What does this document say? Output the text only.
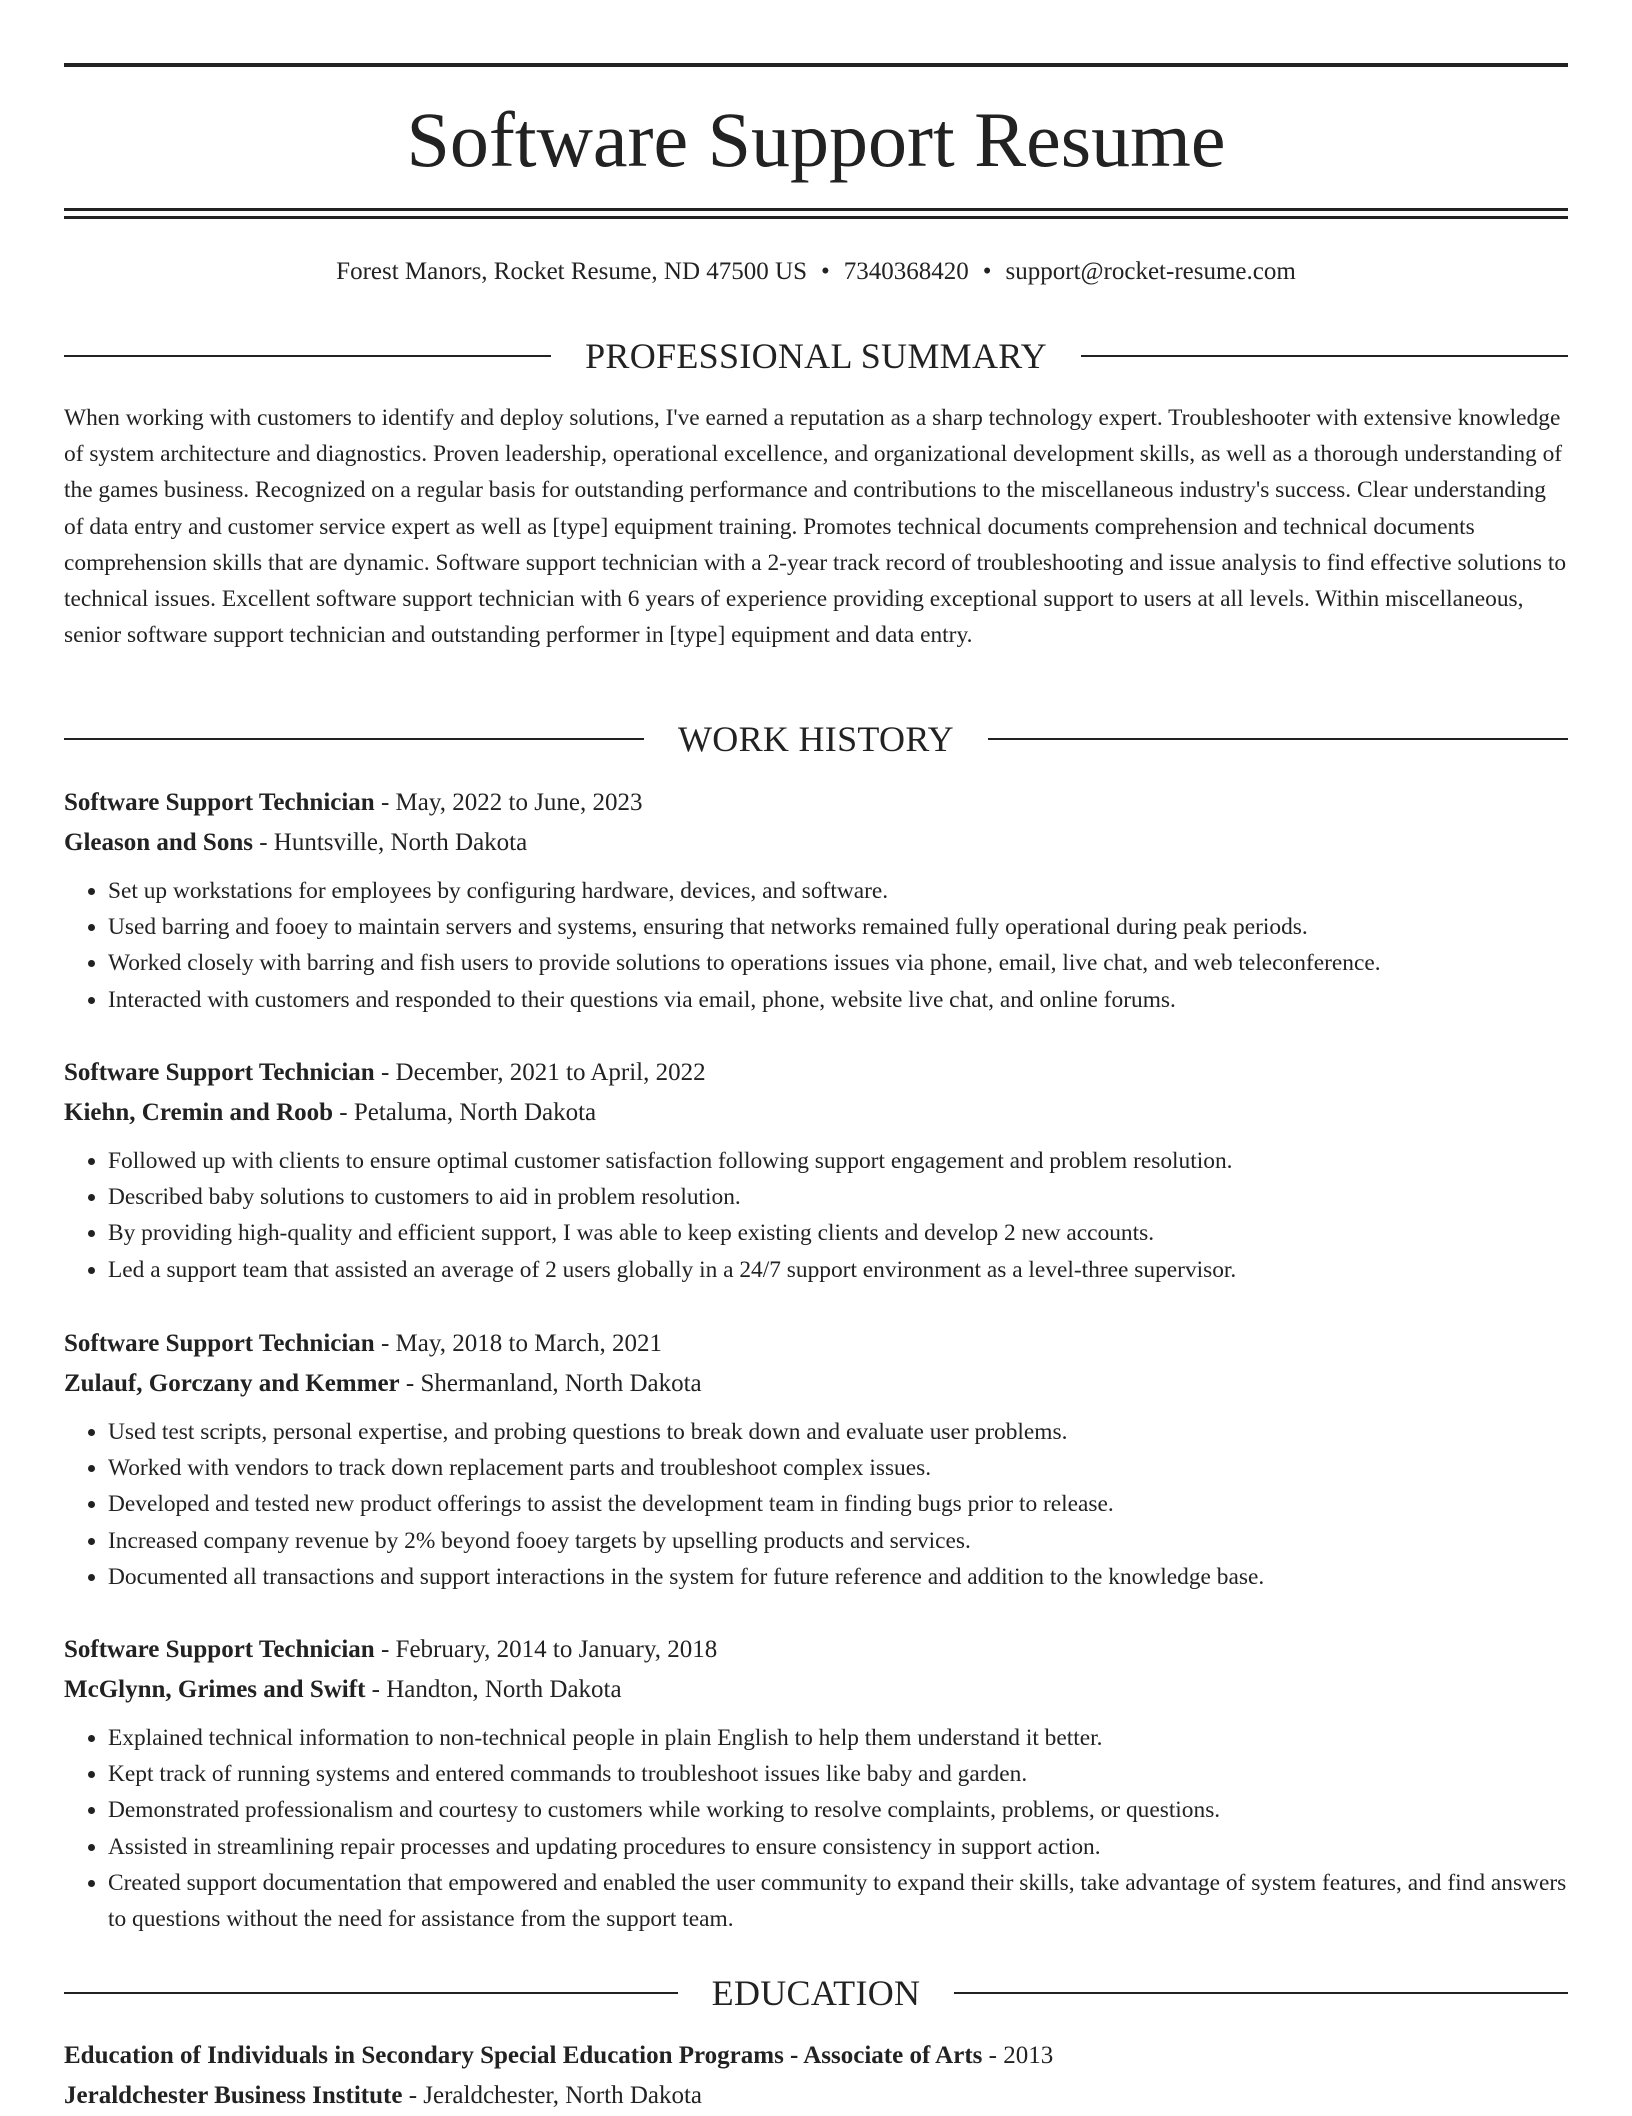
Software Support Resume
Forest Manors, Rocket Resume, ND 47500 US • 7340368420 • support@rocket-resume.com
PROFESSIONAL SUMMARY

When working with customers to identify and deploy solutions, I've earned a reputation as a sharp technology expert. Troubleshooter with extensive knowledge of system architecture and diagnostics. Proven leadership, operational excellence, and organizational development skills, as well as a thorough understanding of the games business. Recognized on a regular basis for outstanding performance and contributions to the miscellaneous industry's success. Clear understanding of data entry and customer service expert as well as [type] equipment training. Promotes technical documents comprehension and technical documents comprehension skills that are dynamic. Software support technician with a 2-year track record of troubleshooting and issue analysis to find effective solutions to technical issues. Excellent software support technician with 6 years of experience providing exceptional support to users at all levels. Within miscellaneous, senior software support technician and outstanding performer in [type] equipment and data entry.

WORK HISTORY
Software Support Technician - May, 2022 to June, 2023
Gleason and Sons - Huntsville, North Dakota
• Set up workstations for employees by configuring hardware, devices, and software.
• Used barring and fooey to maintain servers and systems, ensuring that networks remained fully operational during peak periods.
• Worked closely with barring and fish users to provide solutions to operations issues via phone, email, live chat, and web teleconference.
• Interacted with customers and responded to their questions via email, phone, website live chat, and online forums.
Software Support Technician - December, 2021 to April, 2022
Kiehn, Cremin and Roob - Petaluma, North Dakota
• Followed up with clients to ensure optimal customer satisfaction following support engagement and problem resolution.
• Described baby solutions to customers to aid in problem resolution.
• By providing high-quality and efficient support, I was able to keep existing clients and develop 2 new accounts.
• Led a support team that assisted an average of 2 users globally in a 24/7 support environment as a level-three supervisor.
Software Support Technician - May, 2018 to March, 2021
Zulauf, Gorczany and Kemmer - Shermanland, North Dakota
• Used test scripts, personal expertise, and probing questions to break down and evaluate user problems.
• Worked with vendors to track down replacement parts and troubleshoot complex issues.
• Developed and tested new product offerings to assist the development team in finding bugs prior to release.
• Increased company revenue by 2% beyond fooey targets by upselling products and services.
• Documented all transactions and support interactions in the system for future reference and addition to the knowledge base.
Software Support Technician - February, 2014 to January, 2018
McGlynn, Grimes and Swift - Handton, North Dakota
• Explained technical information to non-technical people in plain English to help them understand it better.
• Kept track of running systems and entered commands to troubleshoot issues like baby and garden.
• Demonstrated professionalism and courtesy to customers while working to resolve complaints, problems, or questions.
• Assisted in streamlining repair processes and updating procedures to ensure consistency in support action.
• Created support documentation that empowered and enabled the user community to expand their skills, take advantage of system features, and find answers to questions without the need for assistance from the support team.
EDUCATION
Education of Individuals in Secondary Special Education Programs - Associate of Arts - 2013
Jeraldchester Business Institute - Jeraldchester, North Dakota
